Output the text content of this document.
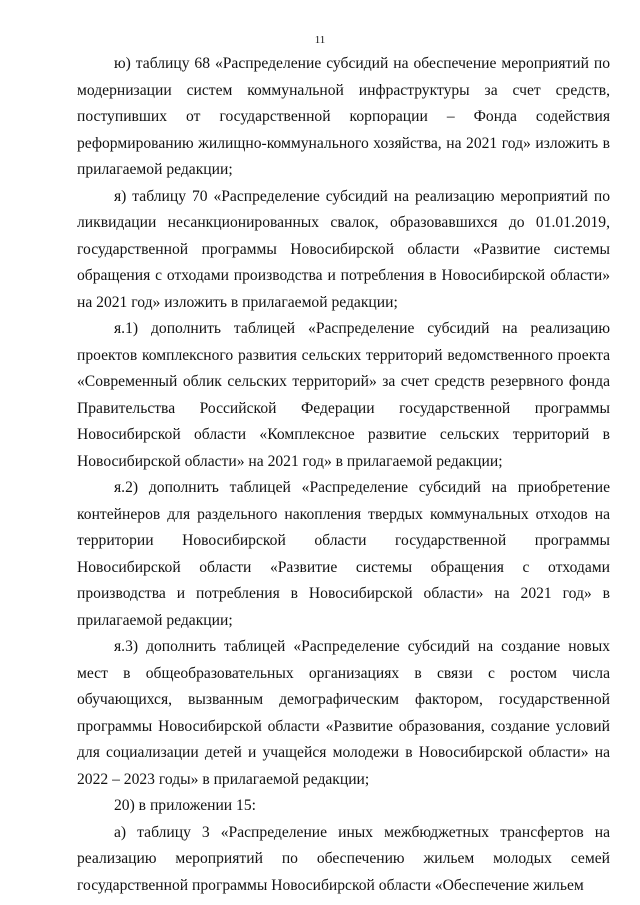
11

ю) таблицу 68 «Распределение субсидий на обеспечение мероприятий по модернизации систем коммунальной инфраструктуры за счет средств, поступивших от государственной корпорации – Фонда содействия реформированию жилищно-коммунального хозяйства, на 2021 год» изложить в прилагаемой редакции;

я) таблицу 70 «Распределение субсидий на реализацию мероприятий по ликвидации несанкционированных свалок, образовавшихся до 01.01.2019, государственной программы Новосибирской области «Развитие системы обращения с отходами производства и потребления в Новосибирской области» на 2021 год» изложить в прилагаемой редакции;

я.1) дополнить таблицей «Распределение субсидий на реализацию проектов комплексного развития сельских территорий ведомственного проекта «Современный облик сельских территорий» за счет средств резервного фонда Правительства Российской Федерации государственной программы Новосибирской области «Комплексное развитие сельских территорий в Новосибирской области» на 2021 год» в прилагаемой редакции;

я.2) дополнить таблицей «Распределение субсидий на приобретение контейнеров для раздельного накопления твердых коммунальных отходов на территории Новосибирской области государственной программы Новосибирской области «Развитие системы обращения с отходами производства и потребления в Новосибирской области» на 2021 год» в прилагаемой редакции;

я.3) дополнить таблицей «Распределение субсидий на создание новых мест в общеобразовательных организациях в связи с ростом числа обучающихся, вызванным демографическим фактором, государственной программы Новосибирской области «Развитие образования, создание условий для социализации детей и учащейся молодежи в Новосибирской области» на 2022 – 2023 годы» в прилагаемой редакции;

20) в приложении 15:

а) таблицу 3 «Распределение иных межбюджетных трансфертов на реализацию мероприятий по обеспечению жильем молодых семей государственной программы Новосибирской области «Обеспечение жильем
